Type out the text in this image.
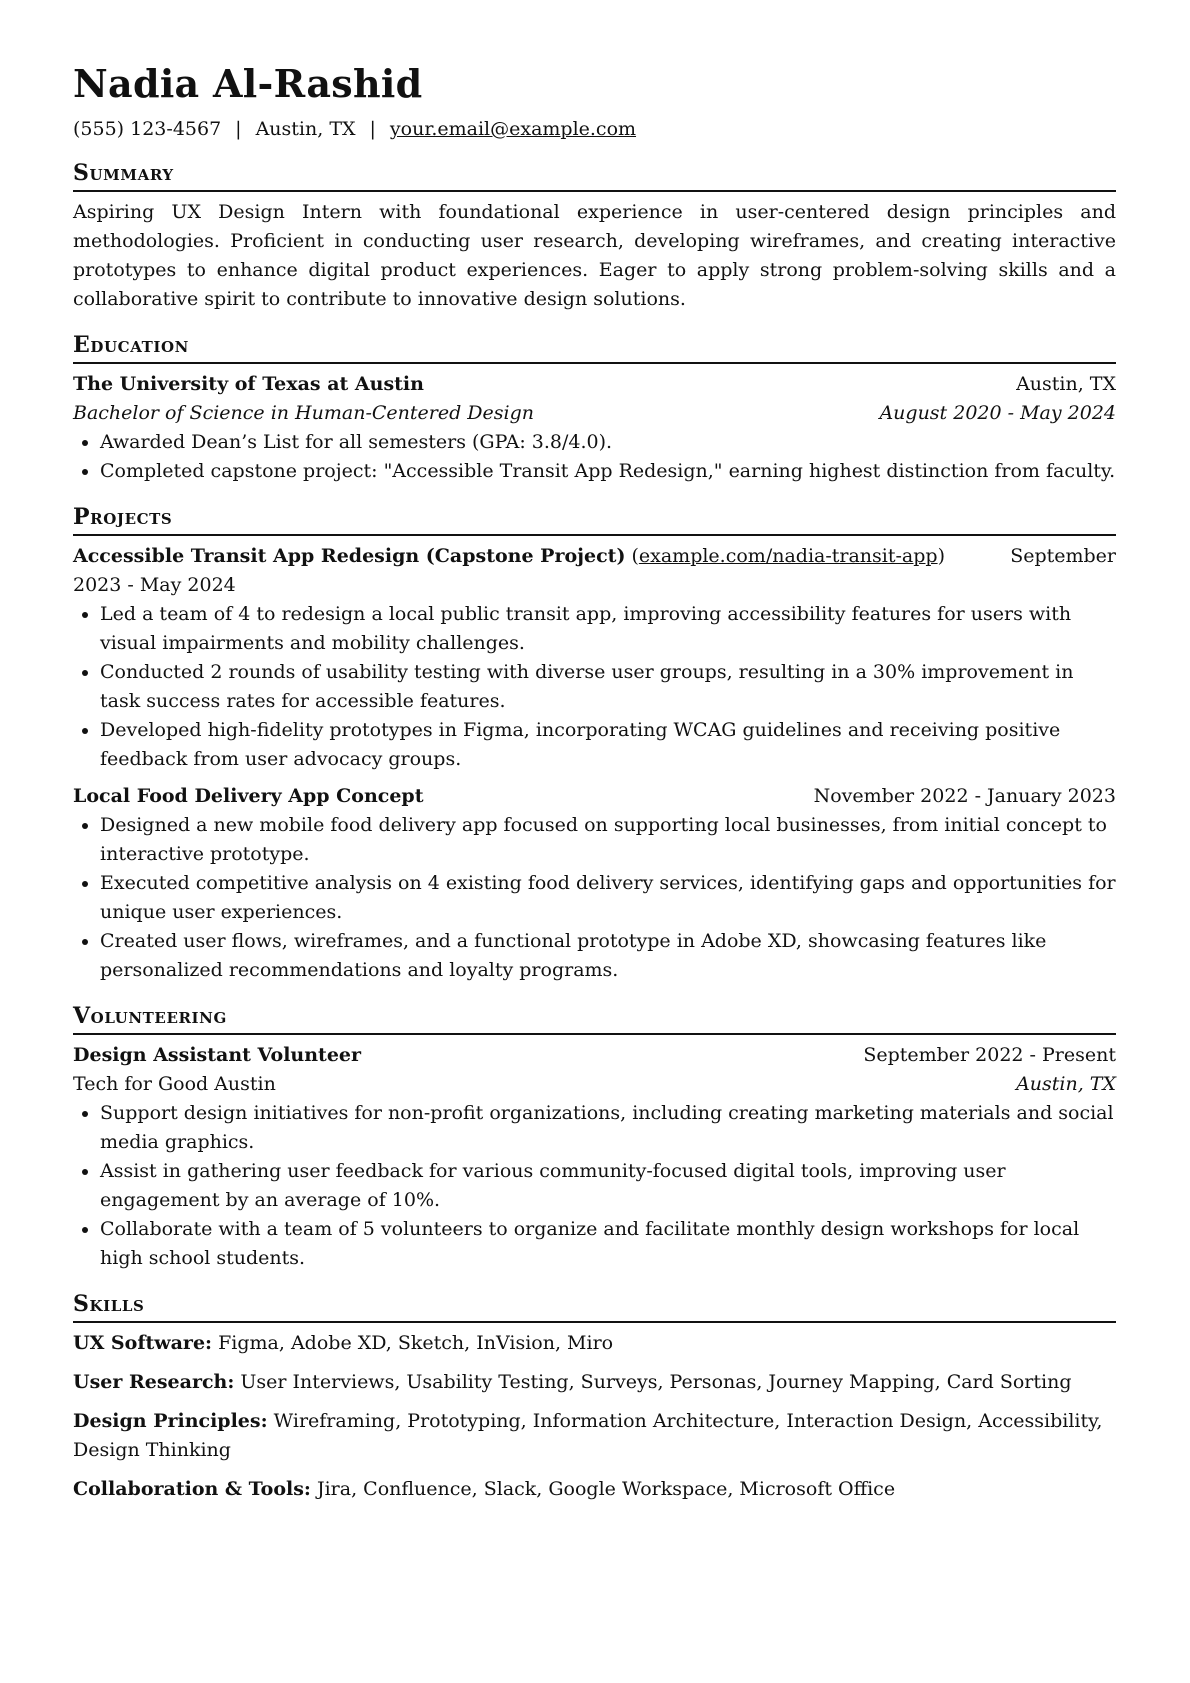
Nadia Al-Rashid
(555) 123-4567 | Austin, TX | your.email@example.com
Summary
Aspiring UX Design Intern with foundational experience in user-centered design principles and methodologies. Proficient in conducting user research, developing wireframes, and creating interactive prototypes to enhance digital product experiences. Eager to apply strong problem-solving skills and a collaborative spirit to contribute to innovative design solutions.
Education
The University of Texas at Austin	Austin, TX
Bachelor of Science in Human-Centered Design	August 2020 - May 2024
• Awarded Dean’s List for all semesters (GPA: 3.8/4.0).
• Completed capstone project: "Accessible Transit App Redesign," earning highest distinction from faculty.
Projects
Accessible Transit App Redesign (Capstone Project) (example.com/nadia-transit-app)	September

2023 - May 2024
• Led a team of 4 to redesign a local public transit app, improving accessibility features for users with visual impairments and mobility challenges.
• Conducted 2 rounds of usability testing with diverse user groups, resulting in a 30% improvement in task success rates for accessible features.
• Developed high-fidelity prototypes in Figma, incorporating WCAG guidelines and receiving positive feedback from user advocacy groups.
Local Food Delivery App Concept	November 2022 - January 2023
• Designed a new mobile food delivery app focused on supporting local businesses, from initial concept to interactive prototype.
• Executed competitive analysis on 4 existing food delivery services, identifying gaps and opportunities for unique user experiences.
• Created user flows, wireframes, and a functional prototype in Adobe XD, showcasing features like personalized recommendations and loyalty programs.
Volunteering
Design Assistant Volunteer	September 2022 - Present
Tech for Good Austin	Austin, TX
• Support design initiatives for non-profit organizations, including creating marketing materials and social media graphics.
• Assist in gathering user feedback for various community-focused digital tools, improving user engagement by an average of 10%.
• Collaborate with a team of 5 volunteers to organize and facilitate monthly design workshops for local high school students.
Skills
UX Software: Figma, Adobe XD, Sketch, InVision, Miro
User Research: User Interviews, Usability Testing, Surveys, Personas, Journey Mapping, Card Sorting
Design Principles: Wireframing, Prototyping, Information Architecture, Interaction Design, Accessibility, Design Thinking
Collaboration & Tools: Jira, Confluence, Slack, Google Workspace, Microsoft Office
